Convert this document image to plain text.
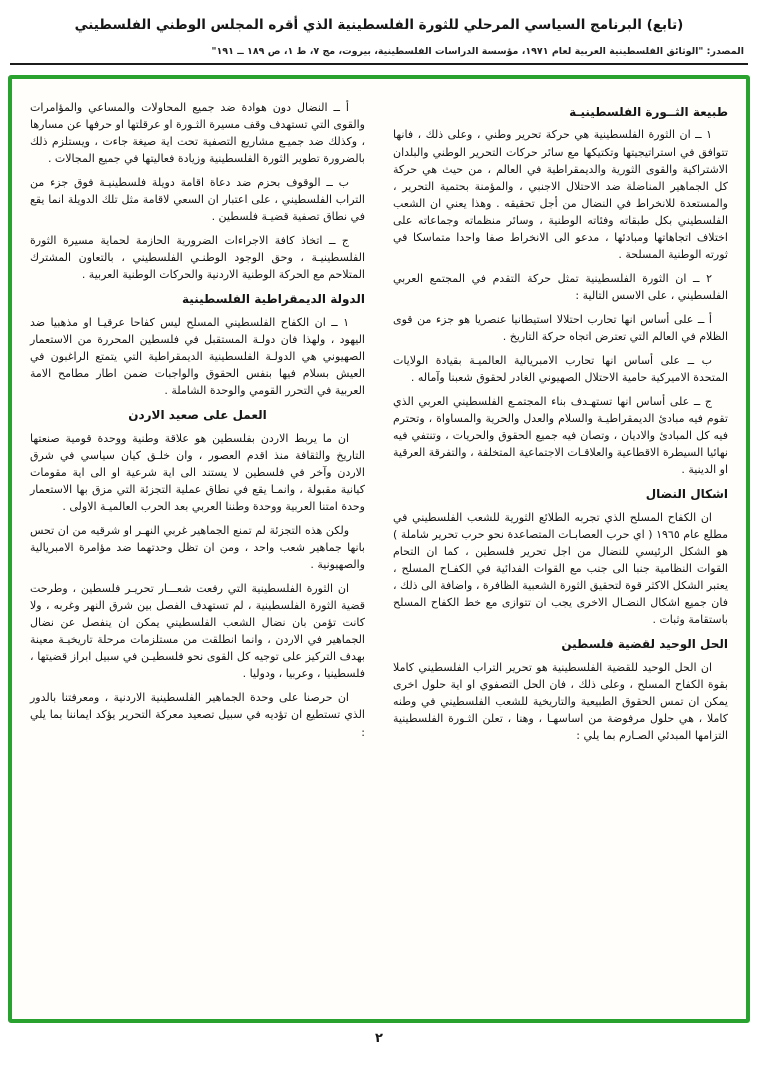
(تابع) البرنامج السياسي المرحلي للثورة الفلسطينية الذي أقره المجلس الوطني الفلسطيني
المصدر: "الوثائق الفلسطينية العربية لعام ١٩٧١، مؤسسة الدراسات الفلسطينية، بيروت، مج ٧، ط ١، ص ١٨٩ ــ ١٩١"
طبيعة الثــورة الفلسطينيـة

١ ــ ان الثورة الفلسطينية هي حركة تحرير وطني ، وعلى ذلك ، فانها تتوافق في استراتيجيتها وتكتيكها مع سائر حركات التحرير الوطني والبلدان الاشتراكية والقوى الثورية والديمقراطية في العالم ، من حيث هي حركة كل الجماهير المناضلة ضد الاحتلال الاجنبي ، والمؤمنة بحتمية التحرير ، والمستعدة للانخراط في النضال من أجل تحقيقه . وهذا يعني ان الشعب الفلسطيني بكل طبقاته وفئاته الوطنية ، وسائر منظماته وجماعاته على اختلاف اتجاهاتها ومبادئها ، مدعو الى الانخراط صفا واحدا متماسكا في ثورته الوطنية المسلحة .

٢ ــ ان الثورة الفلسطينية تمثل حركة التقدم في المجتمع العربي الفلسطيني ، على الاسس التالية :

أ ــ على أساس انها تحارب احتلالا استيطانيا عنصريا هو جزء من قوى الظلام في العالم التي تعترض اتجاه حركة التاريخ .

ب ــ على أساس انها تحارب الامبريالية العالميـة بقيادة الولايات المتحدة الاميركية حامية الاحتلال الصهيوني الغادر لحقوق شعبنا وآماله .

ج ــ على أساس انها تستهـدف بناء المجتمـع الفلسطيني العربي الذي تقوم فيه مبادئ الديمقراطيـة والسلام والعدل والحرية والمساواة ، وتحترم فيه كل المبادئ والاديان ، وتصان فيه جميع الحقوق والحريات ، وتنتفي فيه نهائيا السيطرة الاقطاعية والعلاقـات الاجتماعية المتخلفة ، والتفرقة العرقية او الدينية .

اشكال النضال

ان الكفاح المسلح الذي تجربه الطلائع الثورية للشعب الفلسطيني في مطلع عام ١٩٦٥ ( اي حرب العصابـات المتصاعدة نحو حرب تحرير شاملة ) هو الشكل الرئيسي للنضال من اجل تحرير فلسطين ، كما ان التحام القوات النظامية جنبا الى جنب مع القوات الفدائية في الكفـاح المسلح ، يعتبر الشكل الاكثر قوة لتحقيق الثورة الشعبية الظافرة ، واضافة الى ذلك ، فان جميع اشكال النضـال الاخرى يجب ان تتوازى مع خط الكفاح المسلح باستقامة وثبات .

الحل الوحيد لقضية فلسطين

ان الحل الوحيد للقضية الفلسطينية هو تحرير التراب الفلسطيني كاملا بقوة الكفاح المسلح ، وعلى ذلك ، فان الحل التصفوي او اية حلول اخرى يمكن ان تمس الحقوق الطبيعية والتاريخية للشعب الفلسطيني في وطنه كاملا ، هي حلول مرفوضة من اساسهـا ، وهنا ، تعلن الثـورة الفلسطينية التزامها المبدئي الصـارم بما يلي :

أ ــ النضال دون هوادة ضد جميع المحاولات والمساعي والمؤامرات والقوى التي تستهدف وقف مسيرة الثـورة او عرقلتها او حرفها عن مسارها ، وكذلك ضد جميـع مشاريع التصفية تحت اية صيغة جاءت ، ويستلزم ذلك بالضرورة تطوير الثورة الفلسطينية وزيادة فعاليتها في جميع المجالات .

ب ــ الوقوف بحزم ضد دعاة اقامة دويلة فلسطينيـة فوق جزء من التراب الفلسطيني ، على اعتبار ان السعي لاقامة مثل تلك الدويلة انما يقع في نطاق تصفية قضيـة فلسطين .

ج ــ اتخاذ كافة الاجراءات الضرورية الحازمة لحماية مسيرة الثورة الفلسطينيـة ، وحق الوجود الوطنـي الفلسطيني ، بالتعاون المشترك المتلاحم مع الحركة الوطنية الاردنية والحركات الوطنية العربية .

الدولة الديمقراطية الفلسطينية

١ ــ ان الكفاح الفلسطيني المسلح ليس كفاحا عرقيـا او مذهبيا ضد اليهود ، ولهذا فان دولـة المستقبل في فلسطين المحررة من الاستعمار الصهيوني هي الدولـة الفلسطينية الديمقراطية التي يتمتع الراغبون في العيش بسلام فيها بنفس الحقوق والواجبات ضمن اطار مطامح الامة العربية في التحرر القومي والوحدة الشاملة .

العمل على صعيد الاردن

ان ما يربط الاردن بفلسطين هو علاقة وطنية ووحدة قومية صنعتها التاريخ والثقافة منذ اقدم العصور ، وان خلـق كيان سياسي في شرق الاردن وآخر في فلسطين لا يستند الى اية شرعية او الى اية مقومات كيانية مقبولة ، وانمـا يقع في نطاق عملية التجزئة التي مزق بها الاستعمار وحدة امتنا العربية ووحدة وطننا العربي بعد الحرب العالميـة الاولى .

ولكن هذه التجزئة لم تمنع الجماهير غربي النهـر او شرقيه من ان تحس بانها جماهير شعب واحد ، ومن ان تظل وحدتهما ضد مؤامرة الامبريالية والصهيونية .

ان الثورة الفلسطينية التي رفعت شعـــار تحريـر فلسطين ، وطرحت قضية الثورة الفلسطينية ، لم تستهدف الفصل بين شرق النهر وغربه ، ولا كانت تؤمن بان نضال الشعب الفلسطيني يمكن ان ينفصل عن نضال الجماهير في الاردن ، وانما انطلقت من مستلزمات مرحلة تاريخيـة معينة بهدف التركيز على توجيه كل القوى نحو فلسطيـن في سبيل ابراز قضيتها ، فلسطينيا ، وعربيا ، ودوليا .

ان حرصنا على وحدة الجماهير الفلسطينية الاردنية ، ومعرفتنا بالدور الذي تستطيع ان تؤديه في سبيل تصعيد معركة التحرير يؤكد ايماننا بما يلي :

٢
